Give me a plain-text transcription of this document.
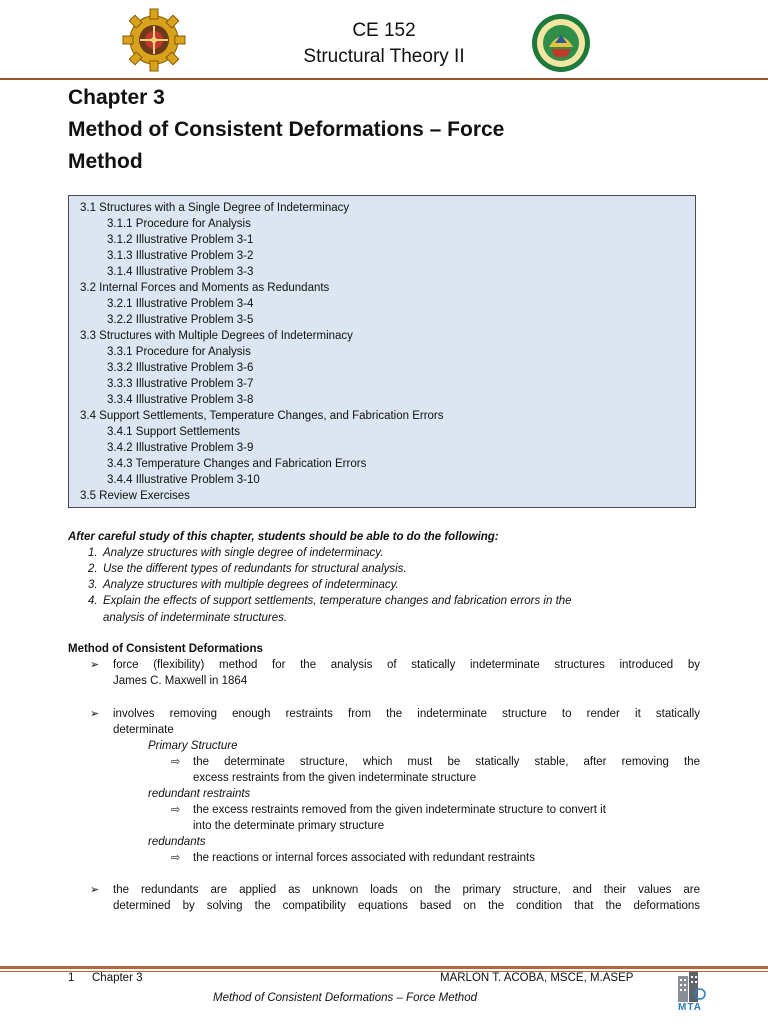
CE 152
Structural Theory II
Chapter 3
Method of Consistent Deformations – Force
Method
3.1 Structures with a Single Degree of Indeterminacy
3.1.1 Procedure for Analysis
3.1.2 Illustrative Problem 3-1
3.1.3 Illustrative Problem 3-2
3.1.4 Illustrative Problem 3-3
3.2 Internal Forces and Moments as Redundants
3.2.1 Illustrative Problem 3-4
3.2.2 Illustrative Problem 3-5
3.3 Structures with Multiple Degrees of Indeterminacy
3.3.1 Procedure for Analysis
3.3.2 Illustrative Problem 3-6
3.3.3 Illustrative Problem 3-7
3.3.4 Illustrative Problem 3-8
3.4 Support Settlements, Temperature Changes, and Fabrication Errors
3.4.1 Support Settlements
3.4.2 Illustrative Problem 3-9
3.4.3 Temperature Changes and Fabrication Errors
3.4.4 Illustrative Problem 3-10
3.5 Review Exercises
After careful study of this chapter, students should be able to do the following:
1. Analyze structures with single degree of indeterminacy.
2. Use the different types of redundants for structural analysis.
3. Analyze structures with multiple degrees of indeterminacy.
4. Explain the effects of support settlements, temperature changes and fabrication errors in the
analysis of indeterminate structures.
Method of Consistent Deformations
➢ force (flexibility) method for the analysis of statically indeterminate structures introduced by
James C. Maxwell in 1864
➢ involves removing enough restraints from the indeterminate structure to render it statically
determinate
Primary Structure
⇨ the determinate structure, which must be statically stable, after removing the
excess restraints from the given indeterminate structure
redundant restraints
⇨ the excess restraints removed from the given indeterminate structure to convert it
into the determinate primary structure
redundants
⇨ the reactions or internal forces associated with redundant restraints
➢ the redundants are applied as unknown loads on the primary structure, and their values are
determined by solving the compatibility equations based on the condition that the deformations
1 Chapter 3	MARLON T. ACOBA, MSCE, M.ASEP
Method of Consistent Deformations – Force Method
MTA
